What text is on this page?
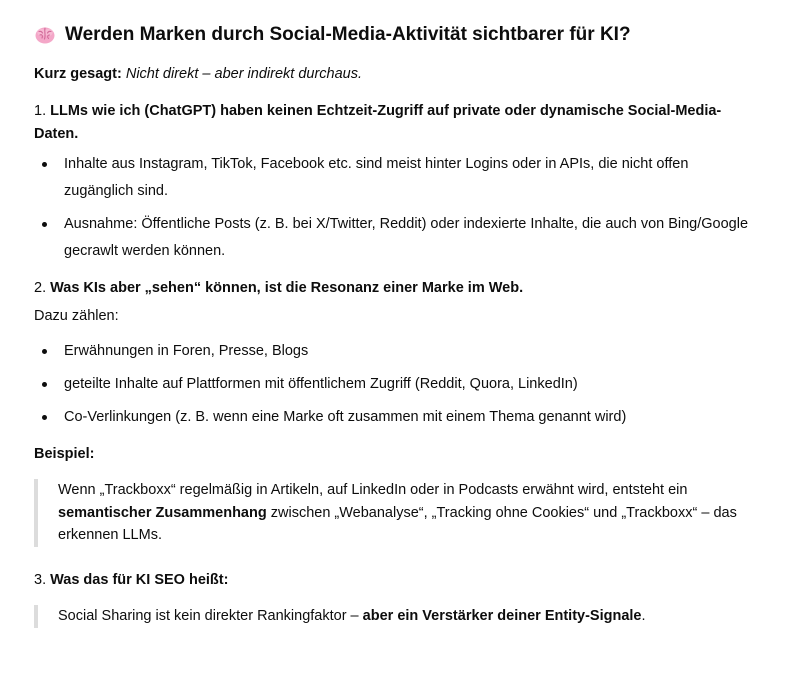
Werden Marken durch Social-Media-Aktivität sichtbarer für KI?

Kurz gesagt: Nicht direkt – aber indirekt durchaus.

1. LLMs wie ich (ChatGPT) haben keinen Echtzeit-Zugriff auf private oder dynamische Social-Media-Daten.

Inhalte aus Instagram, TikTok, Facebook etc. sind meist hinter Logins oder in APIs, die nicht offen zugänglich sind.
Ausnahme: Öffentliche Posts (z. B. bei X/Twitter, Reddit) oder indexierte Inhalte, die auch von Bing/Google gecrawlt werden können.

2. Was KIs aber „sehen“ können, ist die Resonanz einer Marke im Web.

Dazu zählen:

Erwähnungen in Foren, Presse, Blogs
geteilte Inhalte auf Plattformen mit öffentlichem Zugriff (Reddit, Quora, LinkedIn)
Co-Verlinkungen (z. B. wenn eine Marke oft zusammen mit einem Thema genannt wird)

Beispiel:

Wenn „Trackboxx“ regelmäßig in Artikeln, auf LinkedIn oder in Podcasts erwähnt wird, entsteht ein semantischer Zusammenhang zwischen „Webanalyse“, „Tracking ohne Cookies“ und „Trackboxx“ – das erkennen LLMs.

3. Was das für KI SEO heißt:

Social Sharing ist kein direkter Rankingfaktor – aber ein Verstärker deiner Entity-Signale.
